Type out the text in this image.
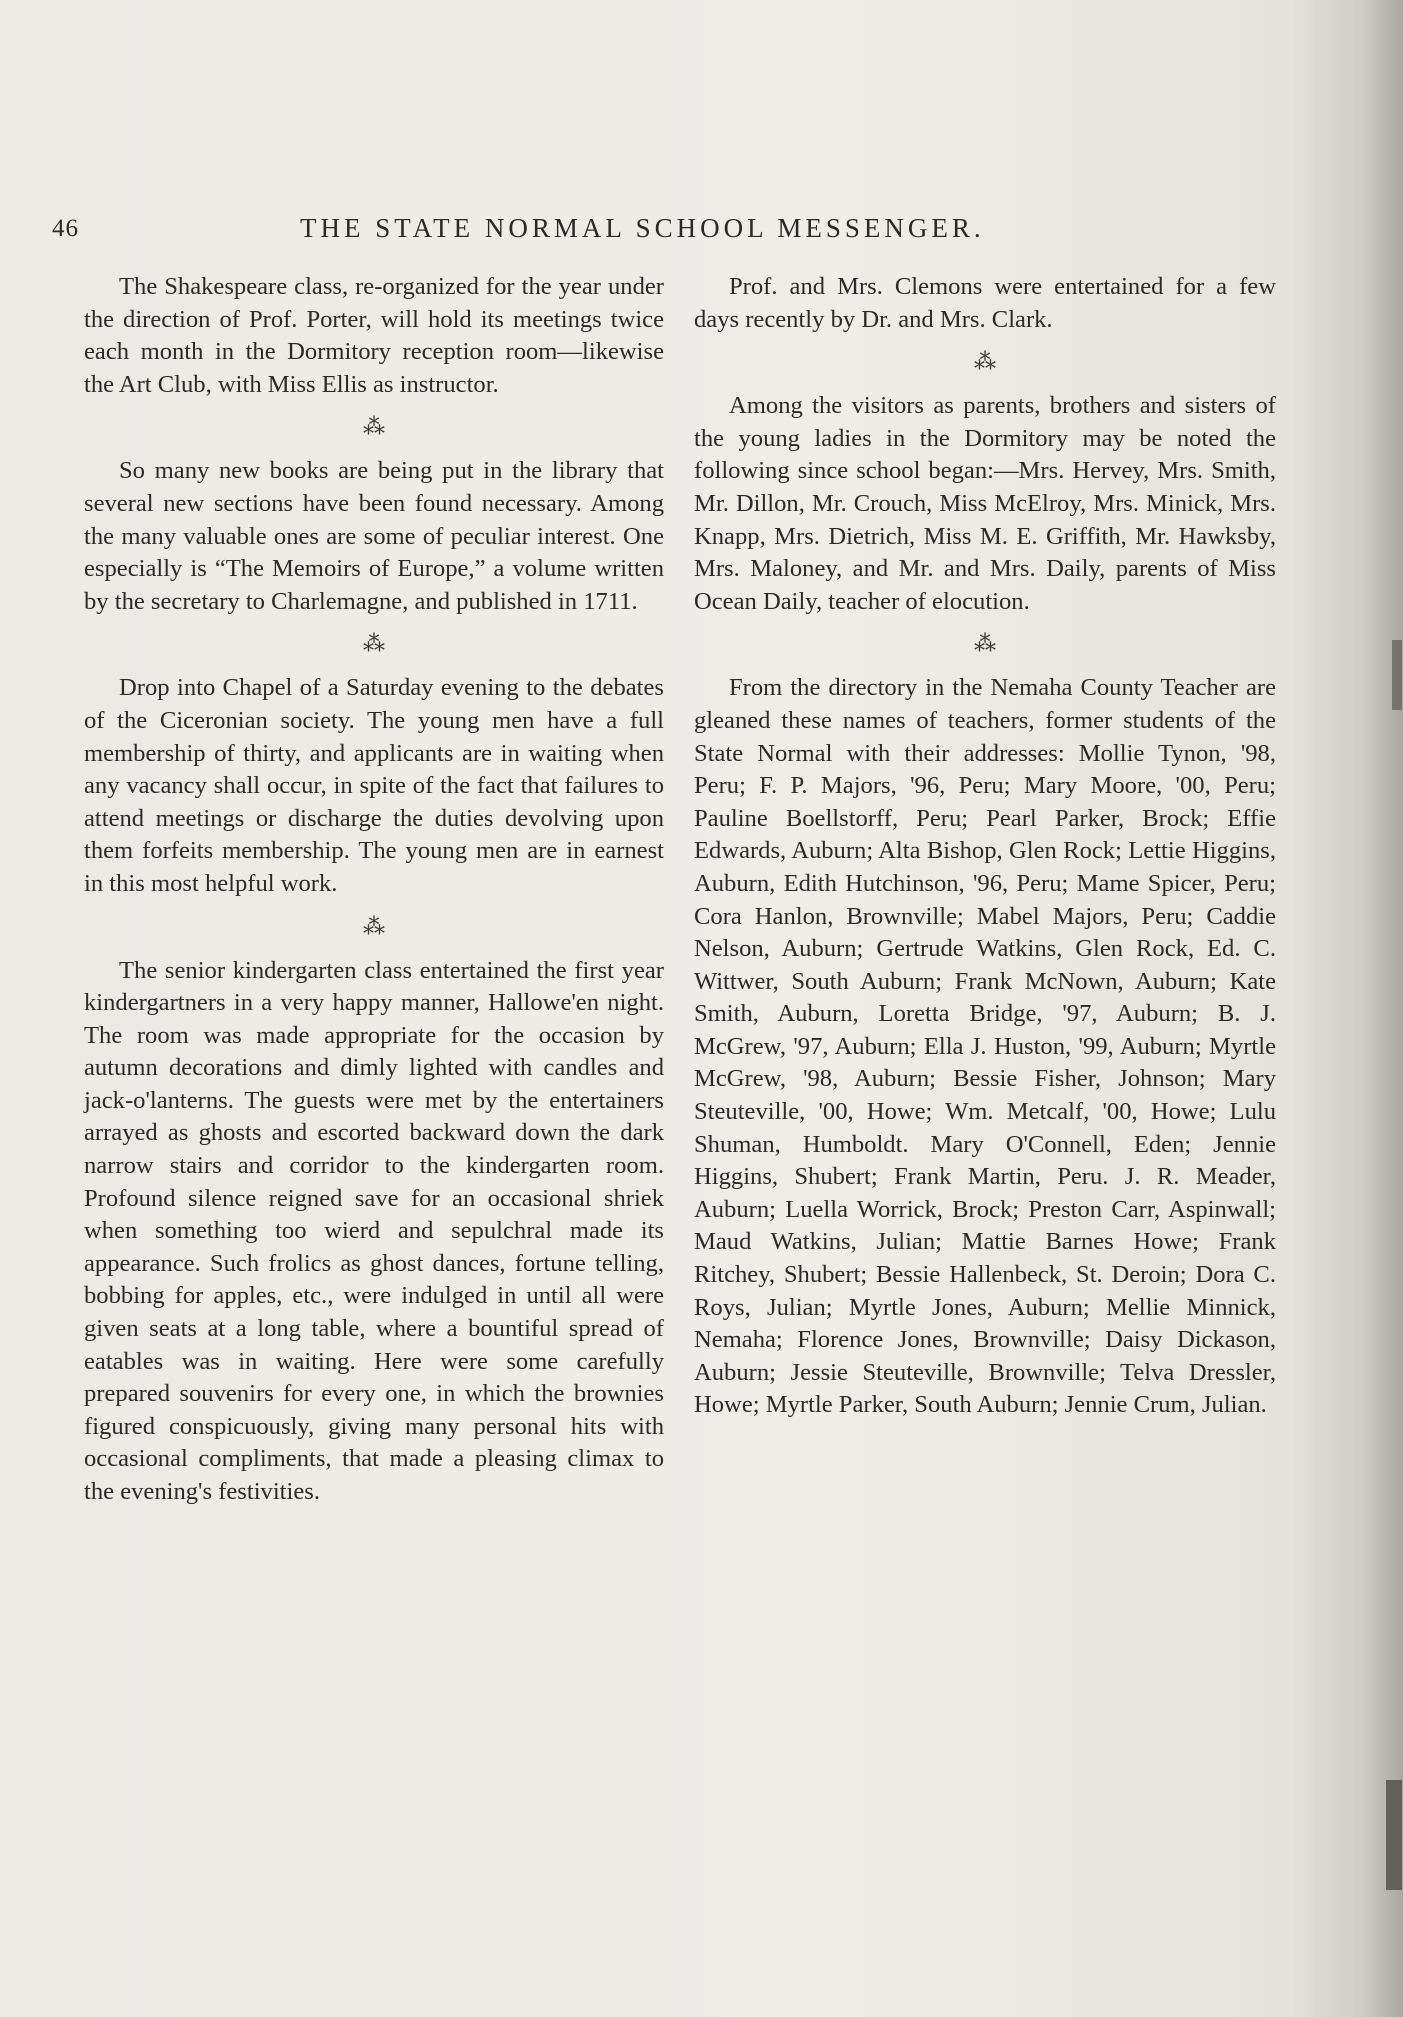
46	THE STATE NORMAL SCHOOL MESSENGER.

The Shakespeare class, re-organized for the year under the direction of Prof. Porter, will hold its meetings twice each month in the Dormitory reception room—likewise the Art Club, with Miss Ellis as instructor.

⁂

So many new books are being put in the library that several new sections have been found necessary. Among the many valuable ones are some of peculiar interest. One especially is “The Memoirs of Europe,” a volume written by the secretary to Charlemagne, and published in 1711.

⁂

Drop into Chapel of a Saturday evening to the debates of the Ciceronian society. The young men have a full membership of thirty, and applicants are in waiting when any vacancy shall occur, in spite of the fact that failures to attend meetings or discharge the duties devolving upon them forfeits membership. The young men are in earnest in this most helpful work.

⁂

The senior kindergarten class entertained the first year kindergartners in a very happy manner, Hallowe'en night. The room was made appropriate for the occasion by autumn decorations and dimly lighted with candles and jack-o'lanterns. The guests were met by the entertainers arrayed as ghosts and escorted backward down the dark narrow stairs and corridor to the kindergarten room. Profound silence reigned save for an occasional shriek when something too wierd and sepulchral made its appearance. Such frolics as ghost dances, fortune telling, bobbing for apples, etc., were indulged in until all were given seats at a long table, where a bountiful spread of eatables was in waiting. Here were some carefully prepared souvenirs for every one, in which the brownies figured conspicuously, giving many personal hits with occasional compliments, that made a pleasing climax to the evening's festivities.

Prof. and Mrs. Clemons were entertained for a few days recently by Dr. and Mrs. Clark.

⁂

Among the visitors as parents, brothers and sisters of the young ladies in the Dormitory may be noted the following since school began:—Mrs. Hervey, Mrs. Smith, Mr. Dillon, Mr. Crouch, Miss McElroy, Mrs. Minick, Mrs. Knapp, Mrs. Dietrich, Miss M. E. Griffith, Mr. Hawksby, Mrs. Maloney, and Mr. and Mrs. Daily, parents of Miss Ocean Daily, teacher of elocution.

⁂

From the directory in the Nemaha County Teacher are gleaned these names of teachers, former students of the State Normal with their addresses: Mollie Tynon, '98, Peru; F. P. Majors, '96, Peru; Mary Moore, '00, Peru; Pauline Boellstorff, Peru; Pearl Parker, Brock; Effie Edwards, Auburn; Alta Bishop, Glen Rock; Lettie Higgins, Auburn, Edith Hutchinson, '96, Peru; Mame Spicer, Peru; Cora Hanlon, Brownville; Mabel Majors, Peru; Caddie Nelson, Auburn; Gertrude Watkins, Glen Rock, Ed. C. Wittwer, South Auburn; Frank McNown, Auburn; Kate Smith, Auburn, Loretta Bridge, '97, Auburn; B. J. McGrew, '97, Auburn; Ella J. Huston, '99, Auburn; Myrtle McGrew, '98, Auburn; Bessie Fisher, Johnson; Mary Steuteville, '00, Howe; Wm. Metcalf, '00, Howe; Lulu Shuman, Humboldt. Mary O'Connell, Eden; Jennie Higgins, Shubert; Frank Martin, Peru. J. R. Meader, Auburn; Luella Worrick, Brock; Preston Carr, Aspinwall; Maud Watkins, Julian; Mattie Barnes Howe; Frank Ritchey, Shubert; Bessie Hallenbeck, St. Deroin; Dora C. Roys, Julian; Myrtle Jones, Auburn; Mellie Minnick, Nemaha; Florence Jones, Brownville; Daisy Dickason, Auburn; Jessie Steuteville, Brownville; Telva Dressler, Howe; Myrtle Parker, South Auburn; Jennie Crum, Julian.
